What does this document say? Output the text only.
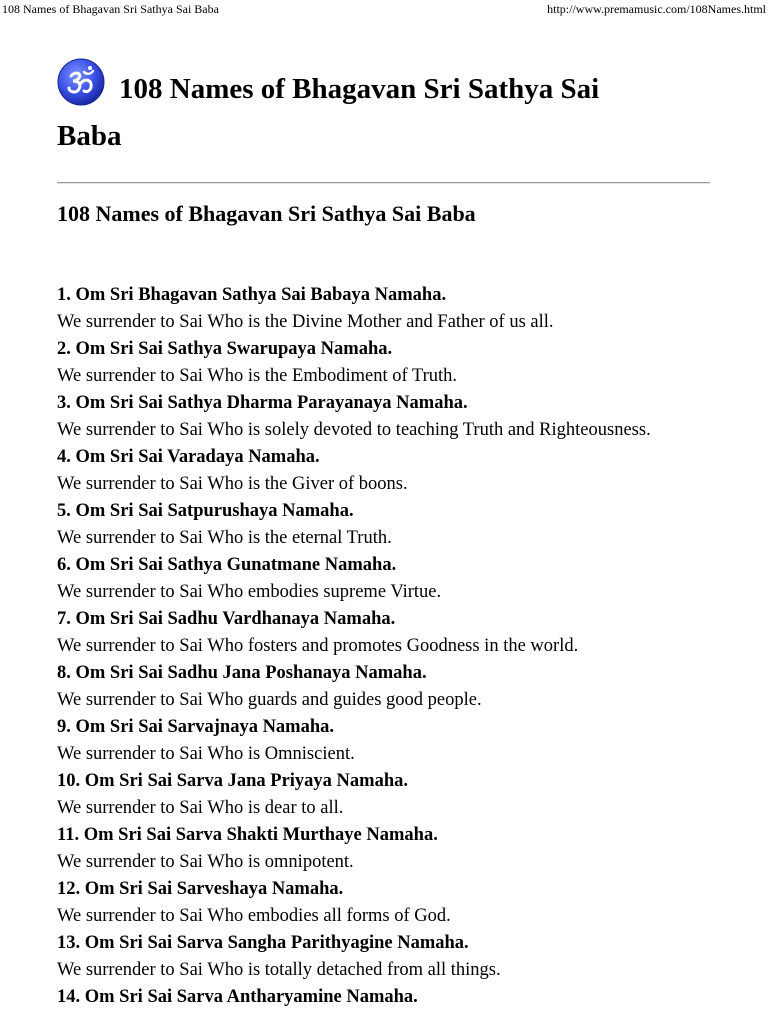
108 Names of Bhagavan Sri Sathya Sai Baba	http://www.premamusic.com/108Names.html
108 Names of Bhagavan Sri Sathya Sai
Baba
108 Names of Bhagavan Sri Sathya Sai Baba
1. Om Sri Bhagavan Sathya Sai Babaya Namaha.
We surrender to Sai Who is the Divine Mother and Father of us all.
2. Om Sri Sai Sathya Swarupaya Namaha.
We surrender to Sai Who is the Embodiment of Truth.
3. Om Sri Sai Sathya Dharma Parayanaya Namaha.
We surrender to Sai Who is solely devoted to teaching Truth and Righteousness.
4. Om Sri Sai Varadaya Namaha.
We surrender to Sai Who is the Giver of boons.
5. Om Sri Sai Satpurushaya Namaha.
We surrender to Sai Who is the eternal Truth.
6. Om Sri Sai Sathya Gunatmane Namaha.
We surrender to Sai Who embodies supreme Virtue.
7. Om Sri Sai Sadhu Vardhanaya Namaha.
We surrender to Sai Who fosters and promotes Goodness in the world.
8. Om Sri Sai Sadhu Jana Poshanaya Namaha.
We surrender to Sai Who guards and guides good people.
9. Om Sri Sai Sarvajnaya Namaha.
We surrender to Sai Who is Omniscient.
10. Om Sri Sai Sarva Jana Priyaya Namaha.
We surrender to Sai Who is dear to all.
11. Om Sri Sai Sarva Shakti Murthaye Namaha.
We surrender to Sai Who is omnipotent.
12. Om Sri Sai Sarveshaya Namaha.
We surrender to Sai Who embodies all forms of God.
13. Om Sri Sai Sarva Sangha Parithyagine Namaha.
We surrender to Sai Who is totally detached from all things.
14. Om Sri Sai Sarva Antharyamine Namaha.
